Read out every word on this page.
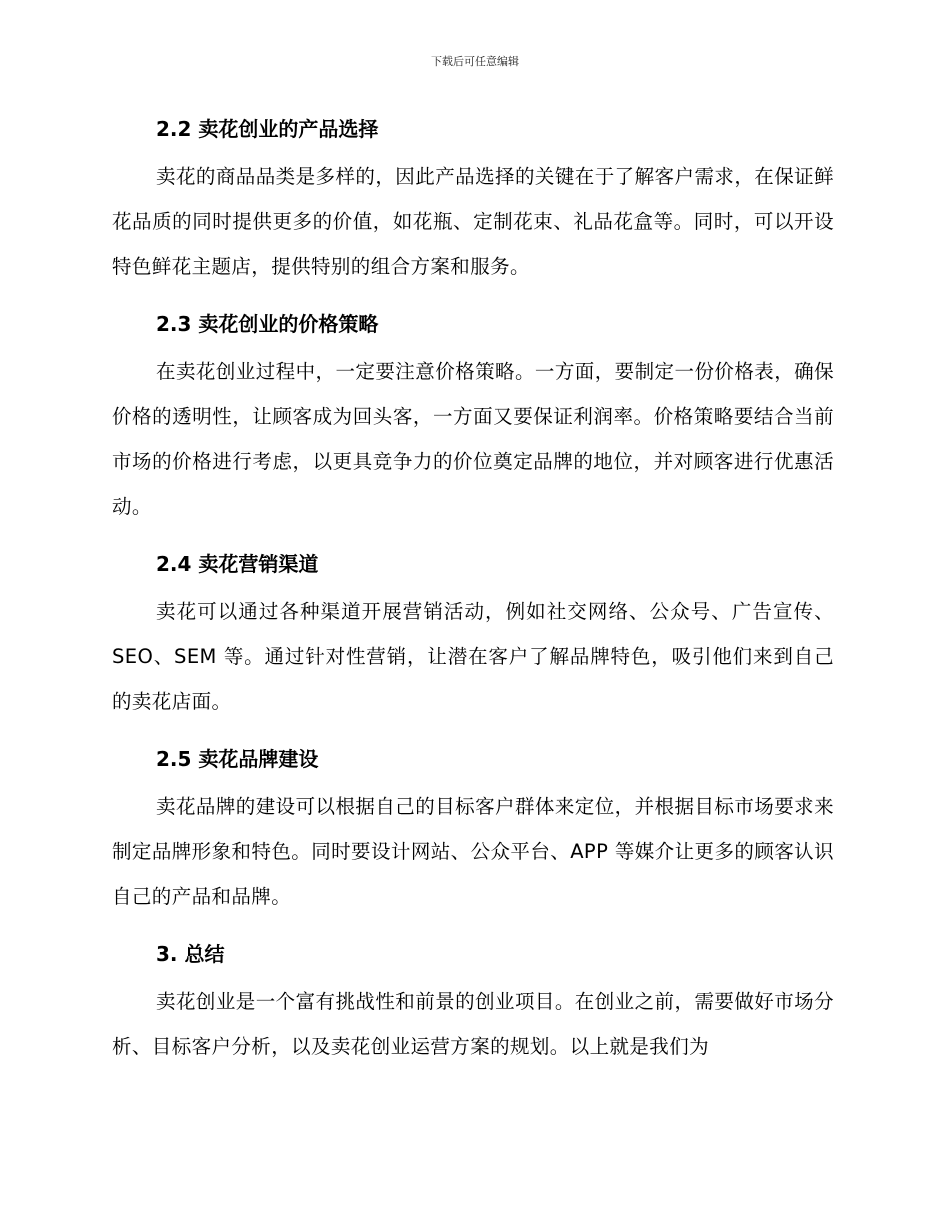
下载后可任意编辑
2.2 卖花创业的产品选择

卖花的商品品类是多样的，因此产品选择的关键在于了解客户需求，在保证鲜花品质的同时提供更多的价值，如花瓶、定制花束、礼品花盒等。同时，可以开设特色鲜花主题店，提供特别的组合方案和服务。

2.3 卖花创业的价格策略

在卖花创业过程中，一定要注意价格策略。一方面，要制定一份价格表，确保价格的透明性，让顾客成为回头客，一方面又要保证利润率。价格策略要结合当前市场的价格进行考虑，以更具竞争力的价位奠定品牌的地位，并对顾客进行优惠活动。

2.4 卖花营销渠道

卖花可以通过各种渠道开展营销活动，例如社交网络、公众号、广告宣传、SEO、SEM 等。通过针对性营销，让潜在客户了解品牌特色，吸引他们来到自己的卖花店面。

2.5 卖花品牌建设

卖花品牌的建设可以根据自己的目标客户群体来定位，并根据目标市场要求来制定品牌形象和特色。同时要设计网站、公众平台、APP 等媒介让更多的顾客认识自己的产品和品牌。

3. 总结

卖花创业是一个富有挑战性和前景的创业项目。在创业之前，需要做好市场分析、目标客户分析，以及卖花创业运营方案的规划。以上就是我们为
